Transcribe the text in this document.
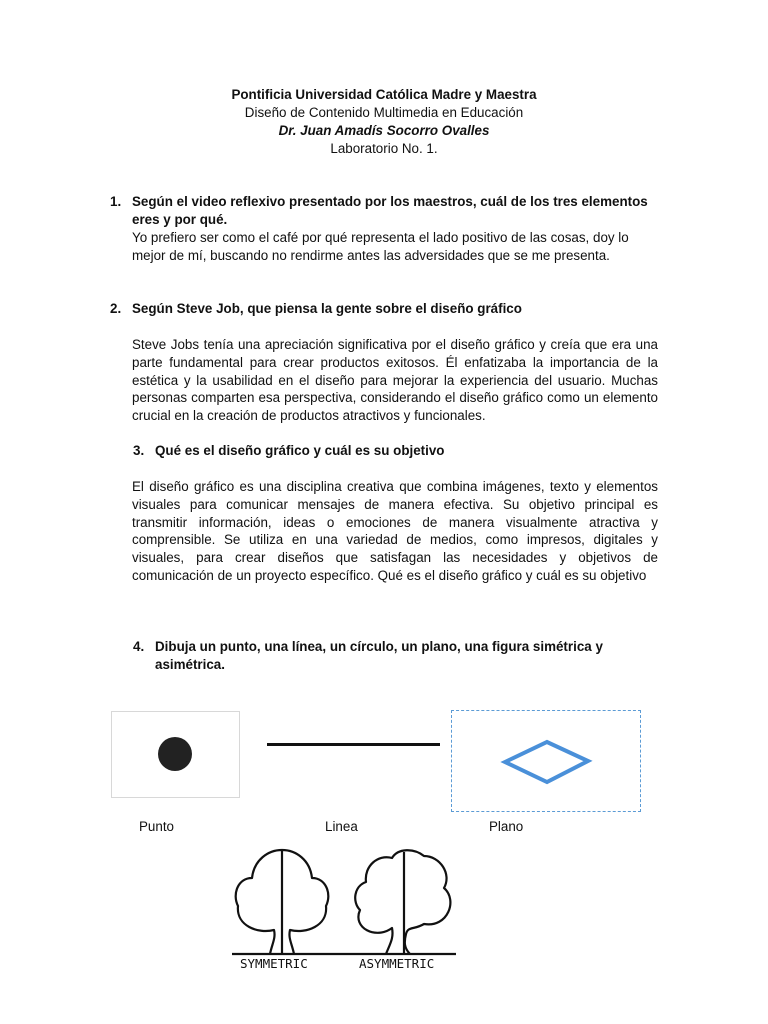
Pontificia Universidad Católica Madre y Maestra
Diseño de Contenido Multimedia en Educación
Dr. Juan Amadís Socorro Ovalles
Laboratorio No. 1.
1. Según el video reflexivo presentado por los maestros, cuál de los tres elementos
eres y por qué.
Yo prefiero ser como el café por qué representa el lado positivo de las cosas, doy lo mejor de mí, buscando no rendirme antes las adversidades que se me presenta.
2. Según Steve Job, que piensa la gente sobre el diseño gráfico
Steve Jobs tenía una apreciación significativa por el diseño gráfico y creía que era una parte fundamental para crear productos exitosos. Él enfatizaba la importancia de la estética y la usabilidad en el diseño para mejorar la experiencia del usuario. Muchas personas comparten esa perspectiva, considerando el diseño gráfico como un elemento crucial en la creación de productos atractivos y funcionales.
3. Qué es el diseño gráfico y cuál es su objetivo
El diseño gráfico es una disciplina creativa que combina imágenes, texto y elementos visuales para comunicar mensajes de manera efectiva. Su objetivo principal es transmitir información, ideas o emociones de manera visualmente atractiva y comprensible. Se utiliza en una variedad de medios, como impresos, digitales y visuales, para crear diseños que satisfagan las necesidades y objetivos de comunicación de un proyecto específico. Qué es el diseño gráfico y cuál es su objetivo
4. Dibuja un punto, una línea, un círculo, un plano, una figura simétrica y
asimétrica.
Punto	Linea	Plano
SYMMETRIC	ASYMMETRIC
